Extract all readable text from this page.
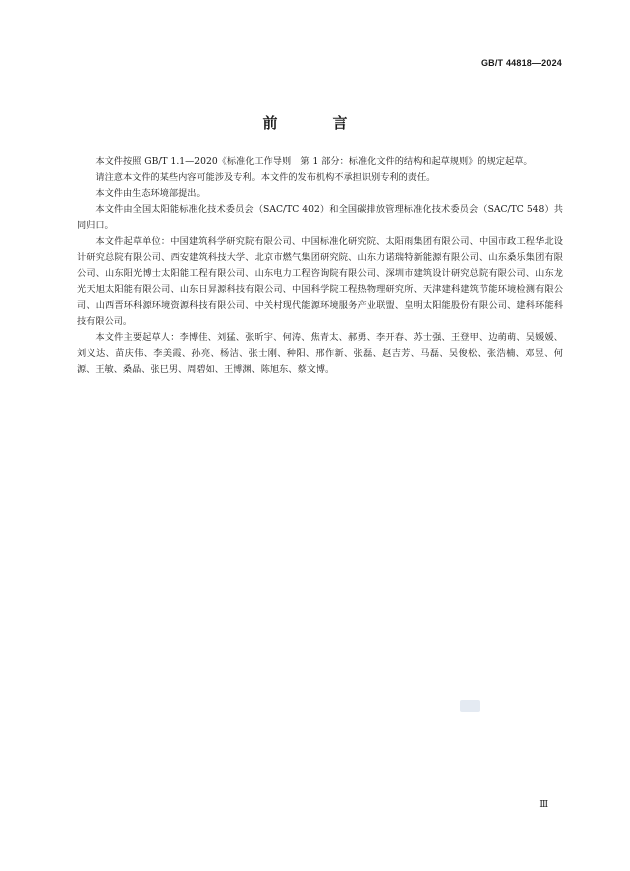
GB/T 44818—2024
前　言

本文件按照 GB/T 1.1—2020《标准化工作导则　第 1 部分：标准化文件的结构和起草规则》的规定起草。

请注意本文件的某些内容可能涉及专利。本文件的发布机构不承担识别专利的责任。

本文件由生态环境部提出。

本文件由全国太阳能标准化技术委员会（SAC/TC 402）和全国碳排放管理标准化技术委员会（SAC/TC 548）共同归口。

本文件起草单位：中国建筑科学研究院有限公司、中国标准化研究院、太阳雨集团有限公司、中国市政工程华北设计研究总院有限公司、西安建筑科技大学、北京市燃气集团研究院、山东力诺瑞特新能源有限公司、山东桑乐集团有限公司、山东阳光博士太阳能工程有限公司、山东电力工程咨询院有限公司、深圳市建筑设计研究总院有限公司、山东龙光天旭太阳能有限公司、山东日昇源科技有限公司、中国科学院工程热物理研究所、天津建科建筑节能环境检测有限公司、山西晋环科源环境资源科技有限公司、中关村现代能源环境服务产业联盟、皇明太阳能股份有限公司、建科环能科技有限公司。

本文件主要起草人：李博佳、刘猛、张昕宇、何涛、焦青太、郝勇、李开春、苏士强、王登甲、边萌萌、吴媛媛、刘义达、苗庆伟、李美霞、孙亮、杨洁、张士刚、种阳、邢作新、张磊、赵吉芳、马磊、吴俊松、张浩楠、邓昱、何源、王敏、桑晶、张巳男、周碧如、王博渊、陈旭东、蔡文博。

Ⅲ
